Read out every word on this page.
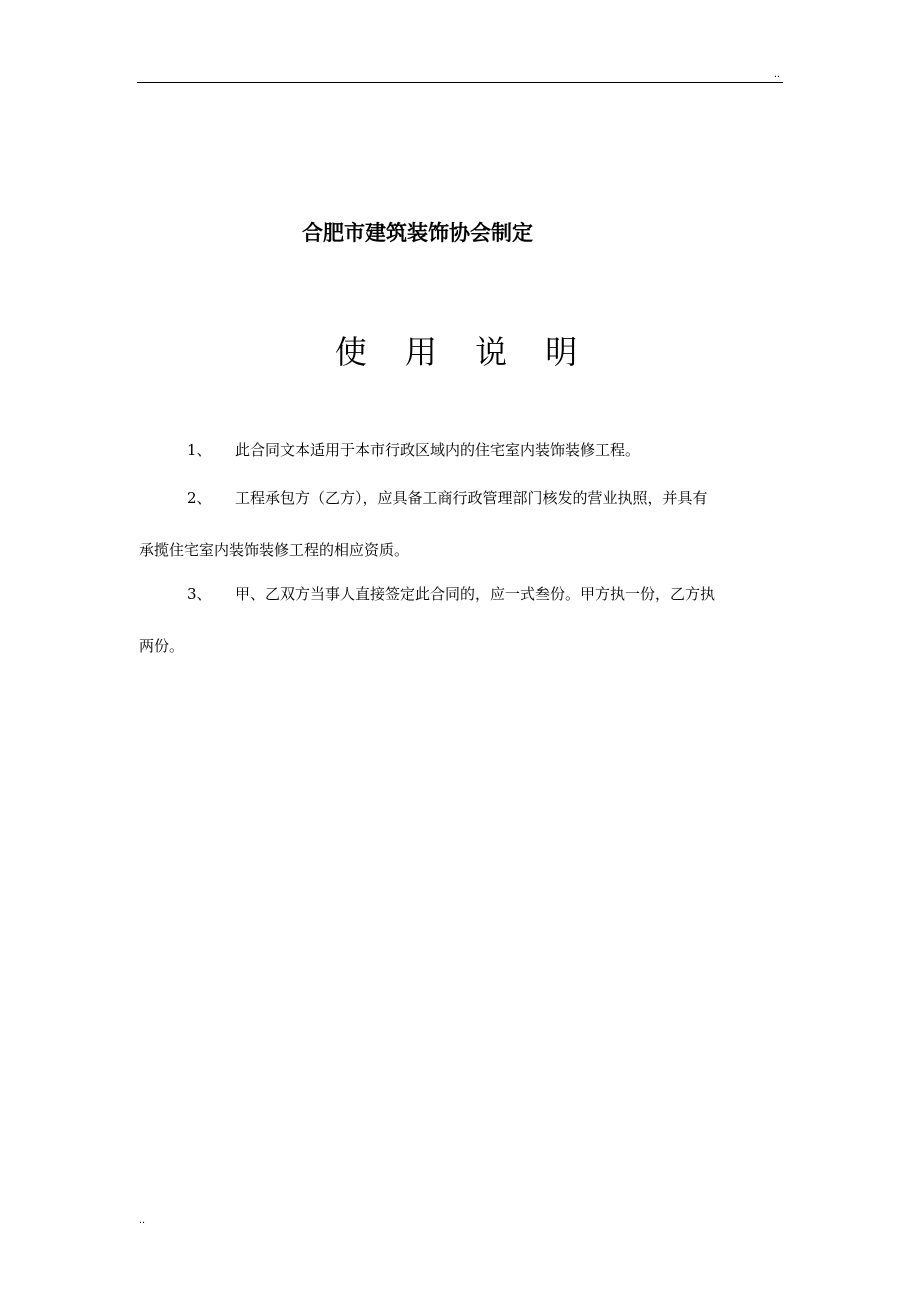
..
合肥市建筑装饰协会制定
使 用 说 明
1、 此合同文本适用于本市行政区域内的住宅室内装饰装修工程。
2、 工程承包方（乙方），应具备工商行政管理部门核发的营业执照，并具有
承揽住宅室内装饰装修工程的相应资质。
3、 甲、乙双方当事人直接签定此合同的，应一式叁份。甲方执一份，乙方执
两份。
..
